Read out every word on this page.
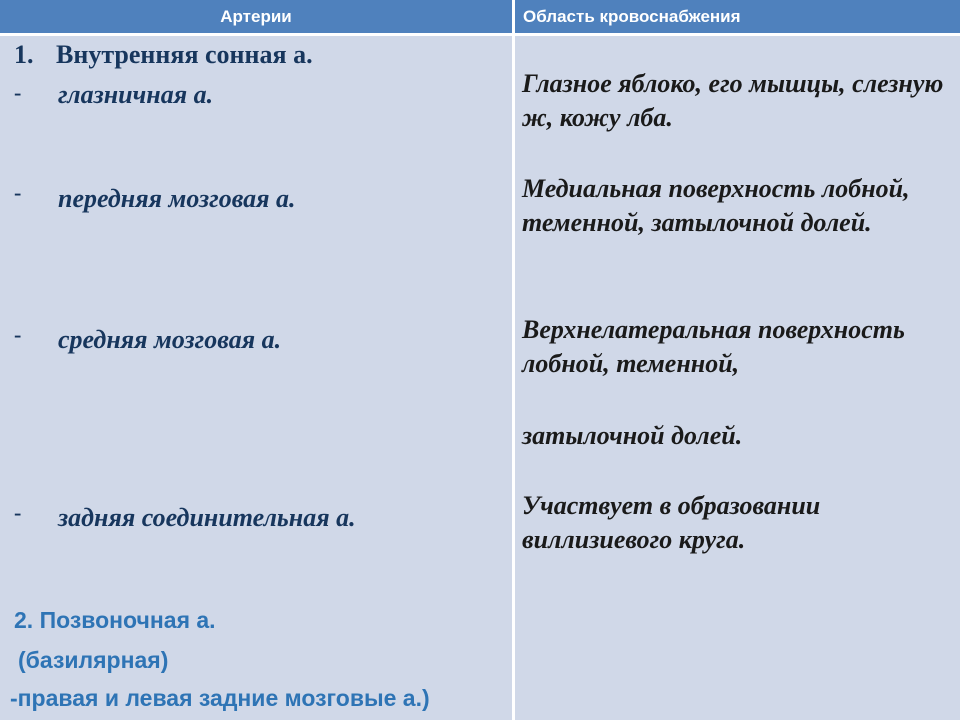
Артерии	Область кровоснабжения
1. Внутренняя сонная а.
- глазничная а.
- передняя мозговая а.
- средняя мозговая а.
- задняя соединительная а.
2. Позвоночная а.
(базилярная)
-правая и левая задние мозговые а.)
Глазное яблоко, его мышцы, слезную ж, кожу лба.
Медиальная поверхность лобной, теменной, затылочной долей.
Верхнелатеральная поверхность лобной, теменной,
затылочной долей.
Участвует в образовании виллизиевого круга.
